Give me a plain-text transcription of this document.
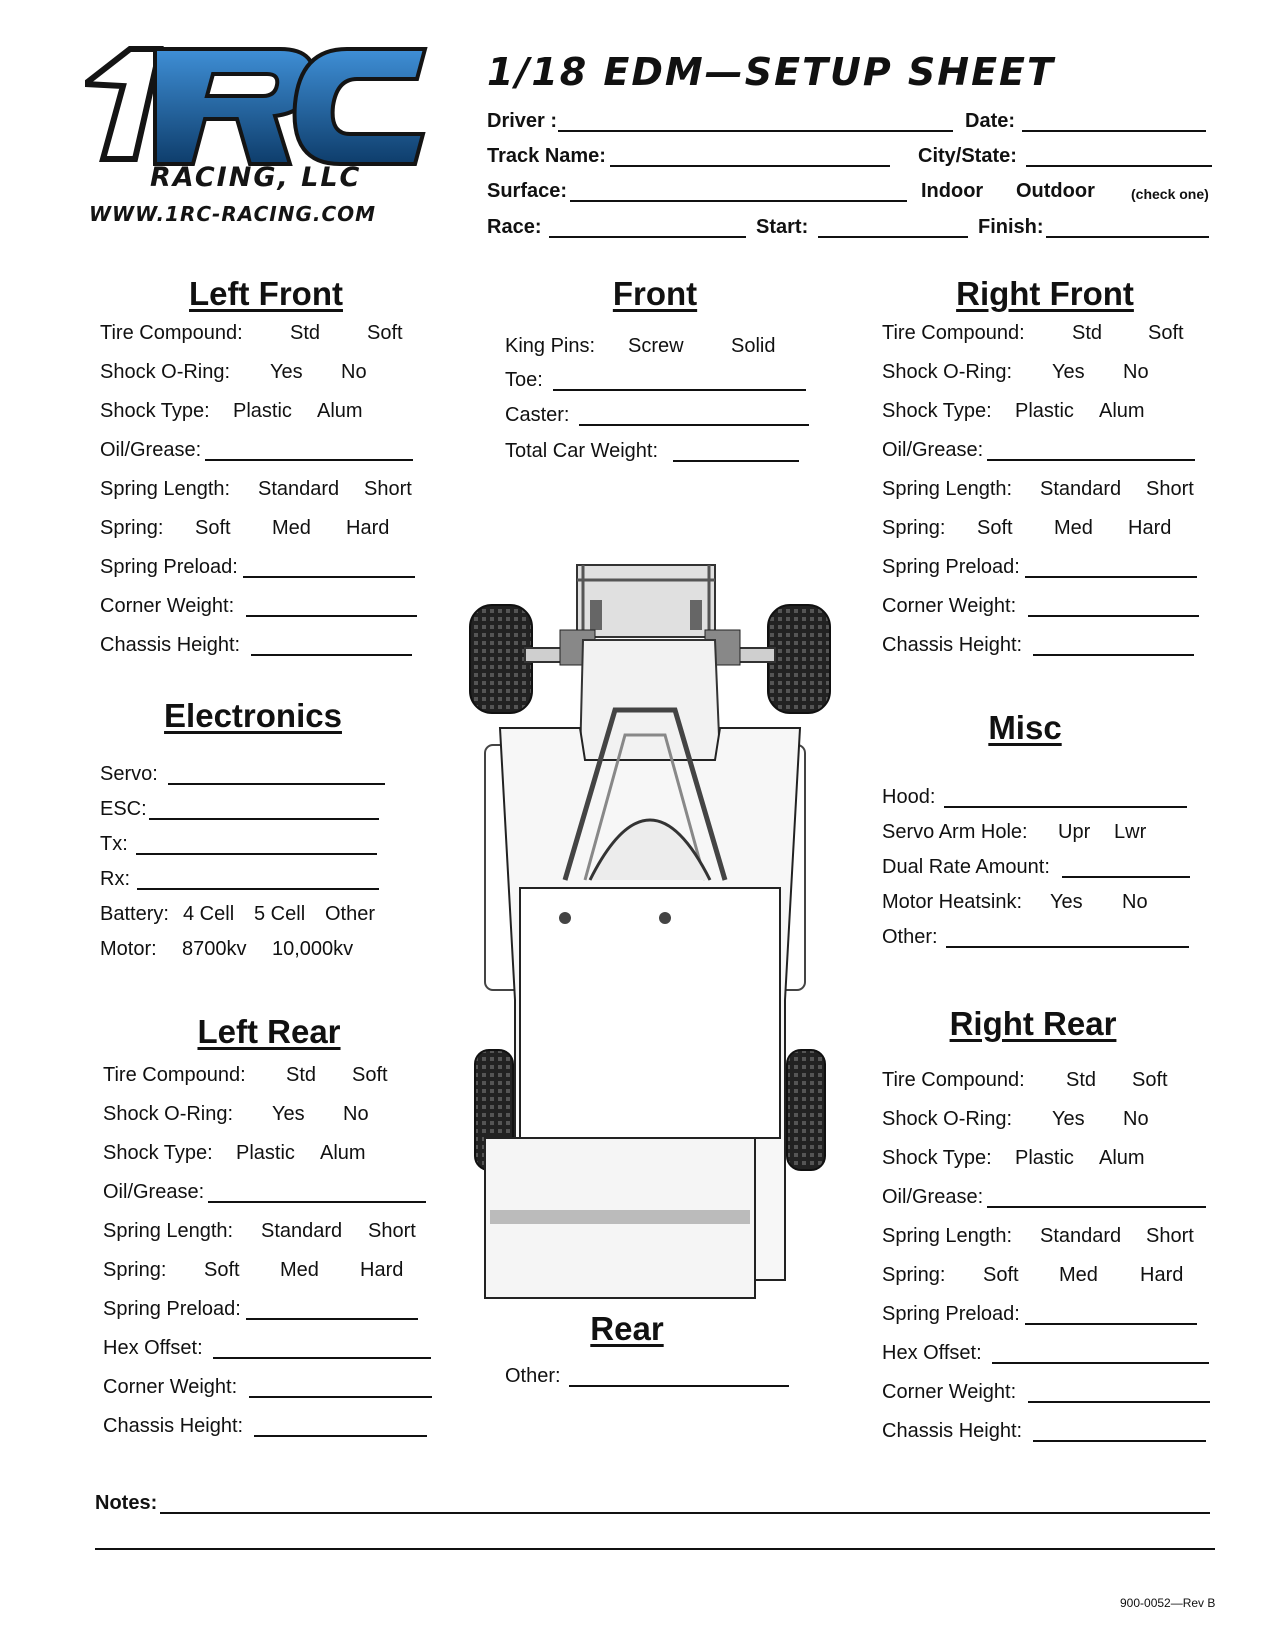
RACING, LLC
WWW.1RC-RACING.COM
1/18 EDM—SETUP SHEET
Driver :	Date:
Track Name:	City/State:
Surface:	Indoor Outdoor	(check one)
Race:	Start:	Finish:
Left Front
Tire Compound: Std Soft
Shock O-Ring: Yes No
Shock Type: Plastic Alum
Oil/Grease:
Spring Length: Standard Short
Spring: Soft Med Hard
Spring Preload:
Corner Weight:
Chassis Height:
Front
King Pins: Screw Solid
Toe:
Caster:
Total Car Weight:
Right Front
Tire Compound: Std Soft
Shock O-Ring: Yes No
Shock Type: Plastic Alum
Oil/Grease:
Spring Length: Standard Short
Spring: Soft Med Hard
Spring Preload:
Corner Weight:
Chassis Height:
Electronics
Servo:
ESC:
Tx:
Rx:
Battery: 4 Cell 5 Cell Other
Motor: 8700kv 10,000kv
Misc
Hood:
Servo Arm Hole: Upr Lwr
Dual Rate Amount:
Motor Heatsink: Yes No
Other:
Left Rear
Tire Compound: Std Soft
Shock O-Ring: Yes No
Shock Type: Plastic Alum
Oil/Grease:
Spring Length: Standard Short
Spring: Soft Med Hard
Spring Preload:
Hex Offset:
Corner Weight:
Chassis Height:
Rear
Other:
Right Rear
Tire Compound: Std Soft
Shock O-Ring: Yes No
Shock Type: Plastic Alum
Oil/Grease:
Spring Length: Standard Short
Spring: Soft Med Hard
Spring Preload:
Hex Offset:
Corner Weight:
Chassis Height:
Notes:
900-0052—Rev B
